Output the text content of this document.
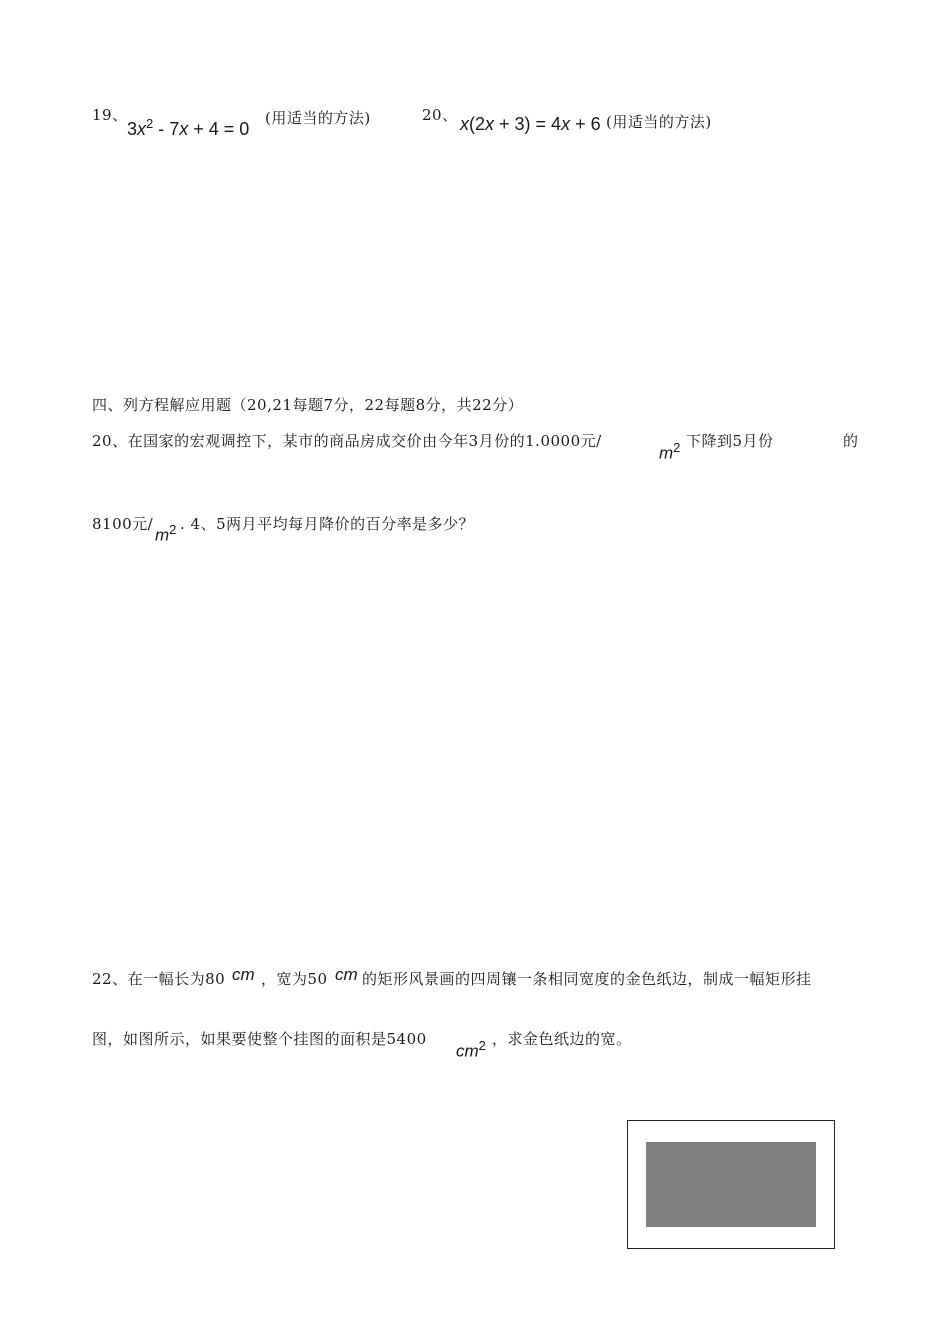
19、
$3x^2 - 7x + 4 = 0$
(用适当的方法)	20、 x(2x + 3) = 4x + 6 (用适当的方法)
四、列方程解应用题（20,21每题7分，22每题8分，共22分）
20、在国家的宏观调控下，某市的商品房成交价由今年3月份的1.0000元/
$m^2$ 下降到5月份	的
8100元/
$m^2$ . 4、5两月平均每月降价的百分率是多少？
22、在一幅长为80 cm ，宽为50 cm 的矩形风景画的四周镶一条相同宽度的金色纸边，制成一幅矩形挂
图，如图所示，如果要使整个挂图的面积是5400
$cm^2$ ，求金色纸边的宽。
